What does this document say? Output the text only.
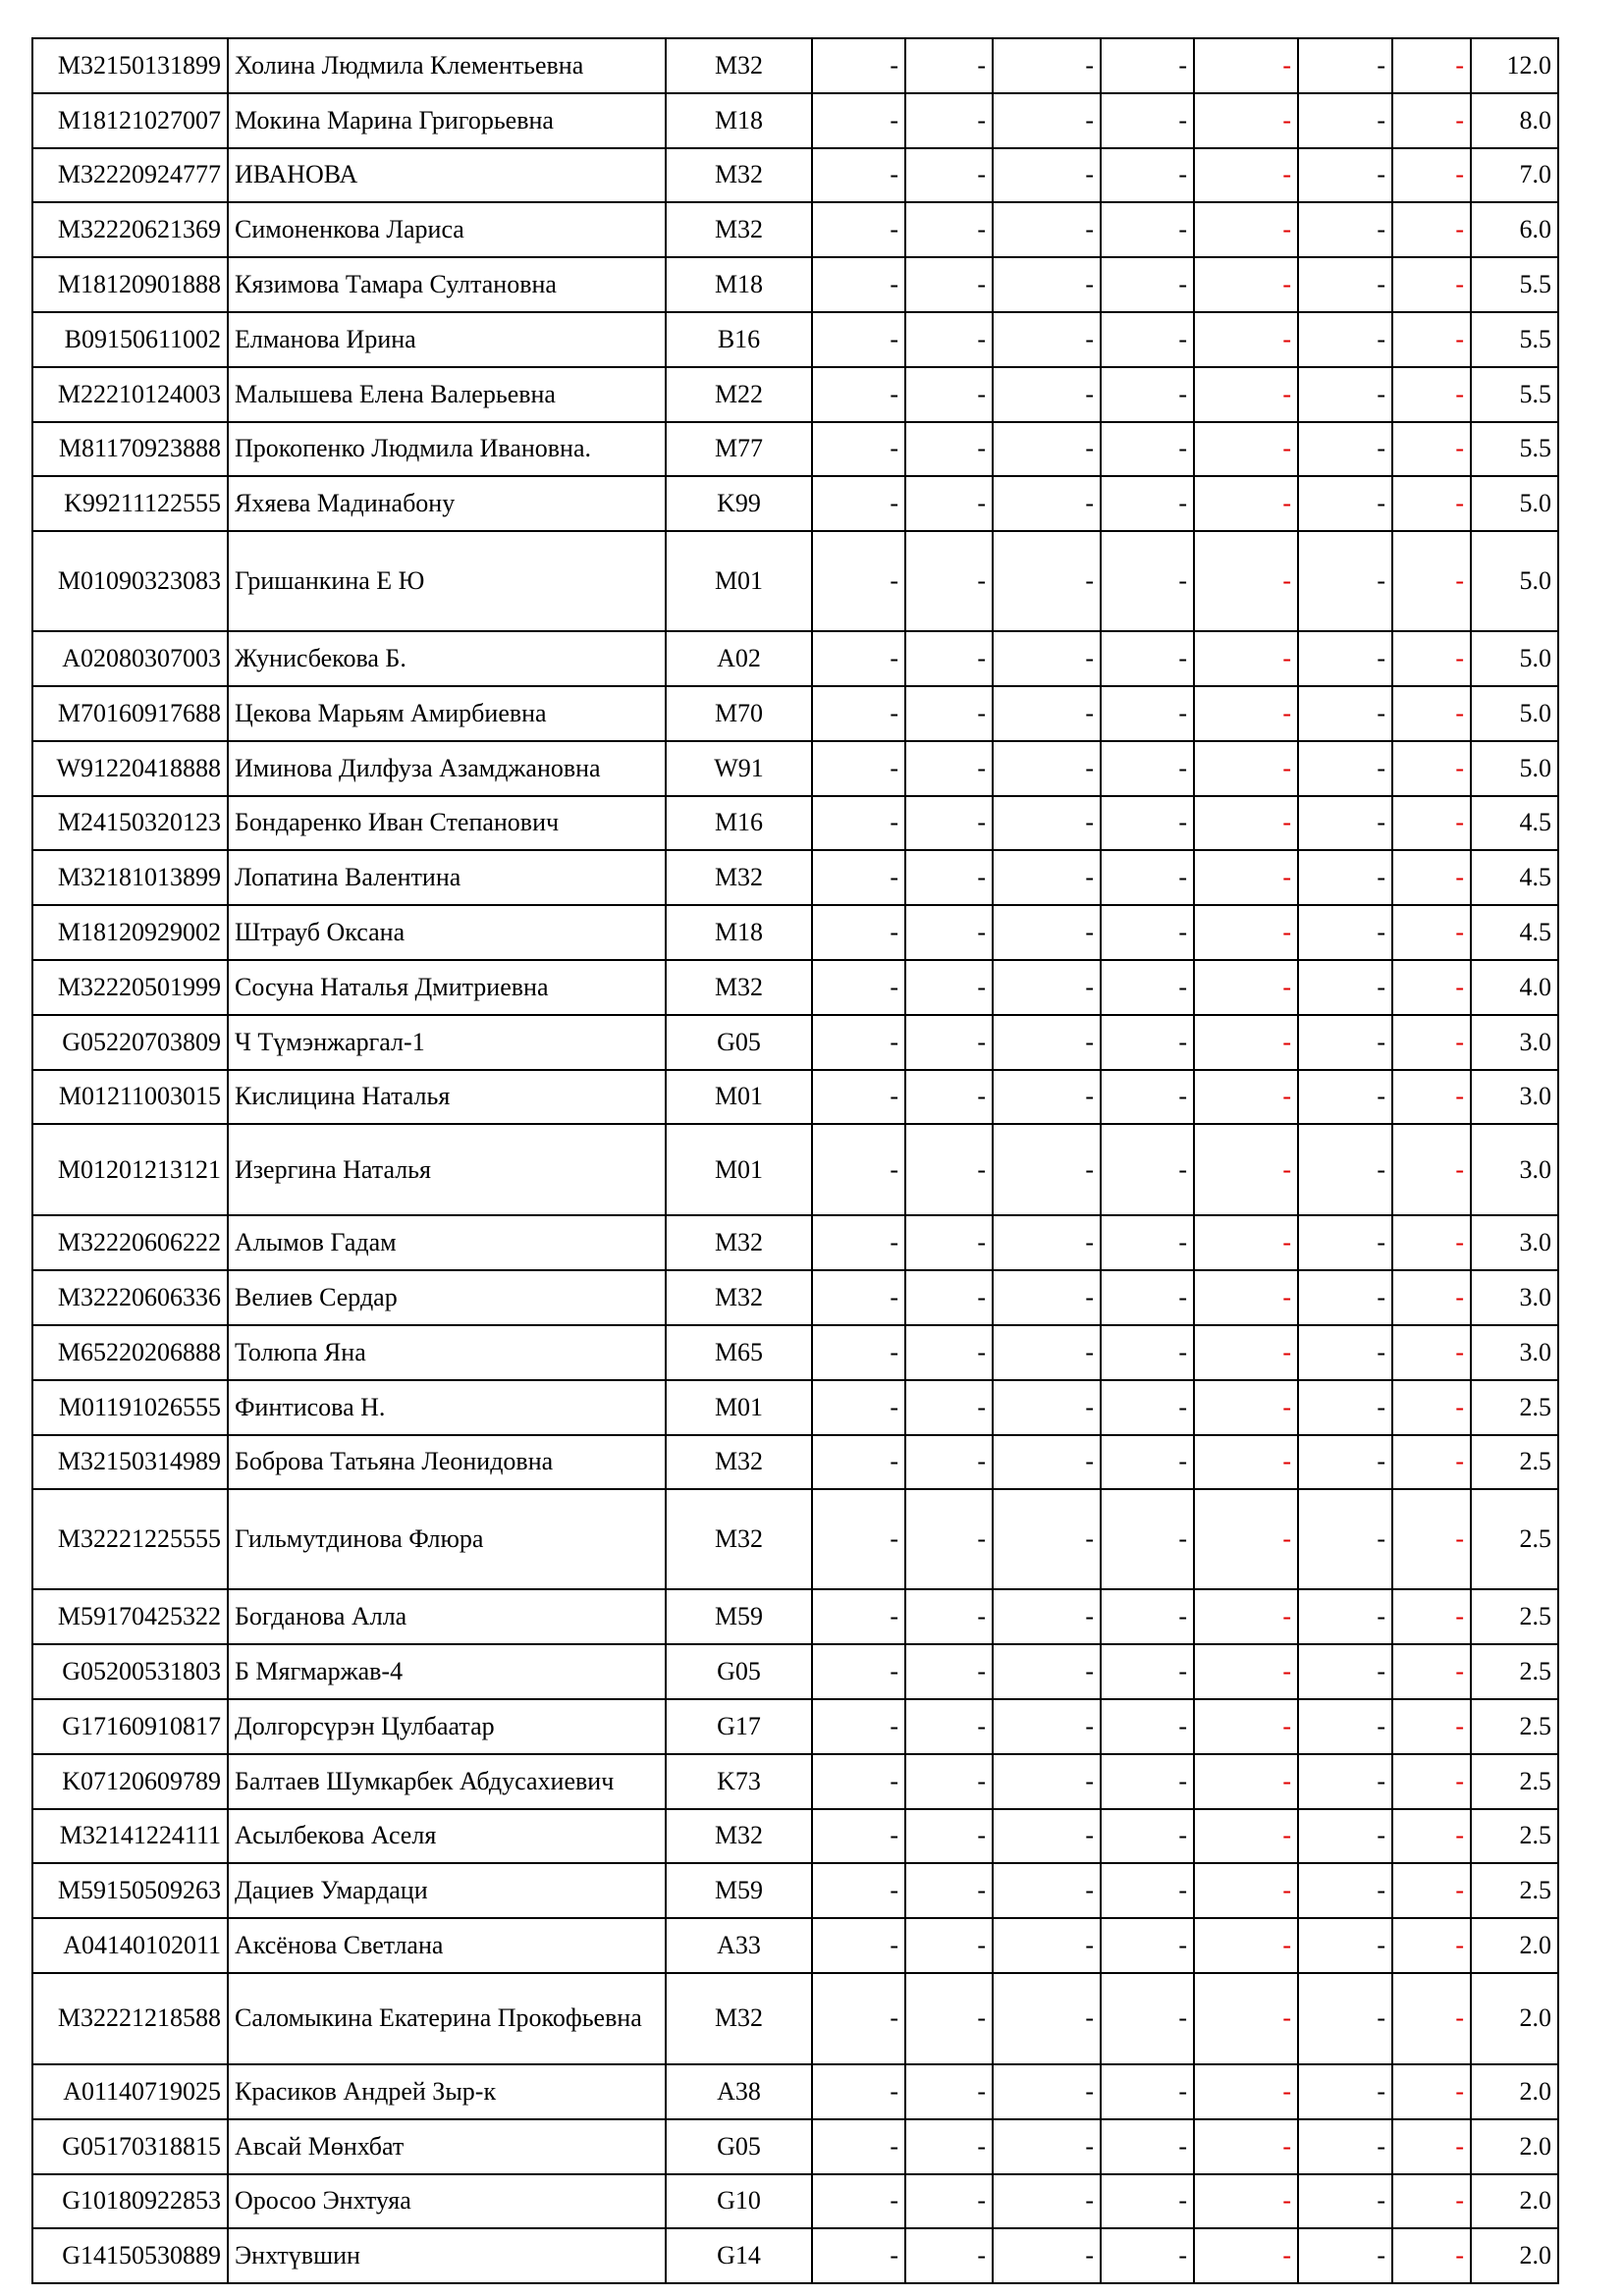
M32150131899	Холина Людмила Клементьевна	M32	-	-	-	-	-	-	-	12.0
M18121027007	Мокина Марина Григорьевна	M18	-	-	-	-	-	-	-	8.0
M32220924777	ИВАНОВА	M32	-	-	-	-	-	-	-	7.0
M32220621369	Симоненкова Лариса	M32	-	-	-	-	-	-	-	6.0
M18120901888	Кязимова Тамара Султановна	M18	-	-	-	-	-	-	-	5.5
B09150611002	Елманова Ирина	B16	-	-	-	-	-	-	-	5.5
M22210124003	Малышева Елена Валерьевна	M22	-	-	-	-	-	-	-	5.5
M81170923888	Прокопенко Людмила Ивановна.	M77	-	-	-	-	-	-	-	5.5
K99211122555	Яхяева Мадинабону	K99	-	-	-	-	-	-	-	5.0
M01090323083	Гришанкина Е Ю	M01	-	-	-	-	-	-	-	5.0
A02080307003	Жунисбекова Б.	A02	-	-	-	-	-	-	-	5.0
M70160917688	Цекова Марьям Амирбиевна	M70	-	-	-	-	-	-	-	5.0
W91220418888	Иминова Дилфуза Азамджановна	W91	-	-	-	-	-	-	-	5.0
M24150320123	Бондаренко Иван Степанович	M16	-	-	-	-	-	-	-	4.5
M32181013899	Лопатина Валентина	M32	-	-	-	-	-	-	-	4.5
M18120929002	Штрауб Оксана	M18	-	-	-	-	-	-	-	4.5
M32220501999	Сосуна Наталья Дмитриевна	M32	-	-	-	-	-	-	-	4.0
G05220703809	Ч Түмэнжаргал-1	G05	-	-	-	-	-	-	-	3.0
M01211003015	Кислицина Наталья	M01	-	-	-	-	-	-	-	3.0
M01201213121	Изергина Наталья	M01	-	-	-	-	-	-	-	3.0
M32220606222	Алымов Гадам	M32	-	-	-	-	-	-	-	3.0
M32220606336	Велиев Сердар	M32	-	-	-	-	-	-	-	3.0
M65220206888	Толюпа Яна	M65	-	-	-	-	-	-	-	3.0
M01191026555	Финтисова Н.	M01	-	-	-	-	-	-	-	2.5
M32150314989	Боброва Татьяна Леонидовна	M32	-	-	-	-	-	-	-	2.5
M32221225555	Гильмутдинова Флюра	M32	-	-	-	-	-	-	-	2.5
M59170425322	Богданова Алла	M59	-	-	-	-	-	-	-	2.5
G05200531803	Б Мягмаржав-4	G05	-	-	-	-	-	-	-	2.5
G17160910817	Долгорсүрэн Цулбаатар	G17	-	-	-	-	-	-	-	2.5
K07120609789	Балтаев Шумкарбек Абдусахиевич	K73	-	-	-	-	-	-	-	2.5
M32141224111	Асылбекова Аселя	M32	-	-	-	-	-	-	-	2.5
M59150509263	Дациев Умардаци	M59	-	-	-	-	-	-	-	2.5
A04140102011	Аксёнова Светлана	A33	-	-	-	-	-	-	-	2.0
M32221218588	Саломыкина Екатерина Прокофьевна	M32	-	-	-	-	-	-	-	2.0
A01140719025	Красиков Андрей Зыр-к	A38	-	-	-	-	-	-	-	2.0
G05170318815	Авсай Мөнхбат	G05	-	-	-	-	-	-	-	2.0
G10180922853	Оросоо Энхтуяа	G10	-	-	-	-	-	-	-	2.0
G14150530889	Энхтүвшин	G14	-	-	-	-	-	-	-	2.0
